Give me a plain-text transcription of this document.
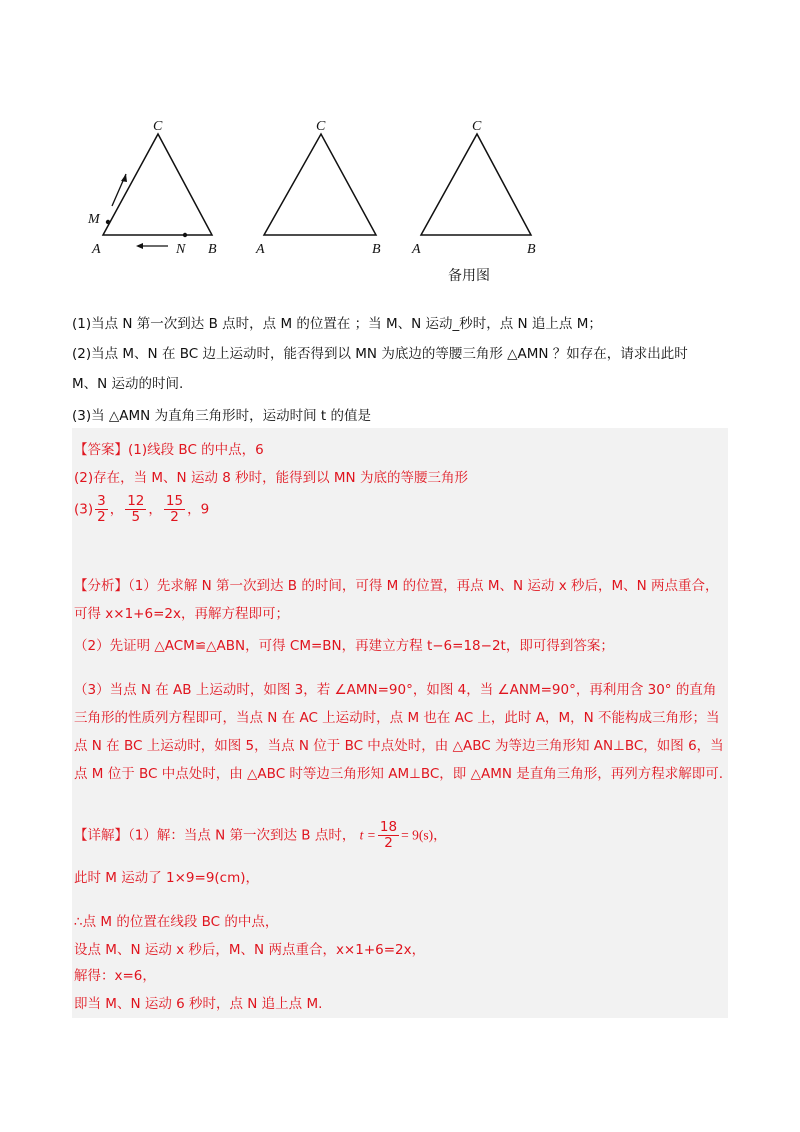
C
A	B
M
N
C
A	B
C
A	B
备用图
(1)当点 N 第一次到达 B 点时，点 M 的位置在 ；当 M、N 运动_秒时，点 N 追上点 M；
(2)当点 M、N 在 BC 边上运动时，能否得到以 MN 为底边的等腰三角形 △AMN ？如存在，请求出此时
M、N 运动的时间.
(3)当 △AMN 为直角三角形时，运动时间 t 的值是
【答案】(1)线段 BC 的中点，6
(2)存在，当 M、N 运动 8 秒时，能得到以 MN 为底的等腰三角形
$(3) \frac{3}{2}$ ， $\frac{12}{5}$ ， $\frac{15}{2}$ ，9
【分析】（1）先求解 N 第一次到达 B 的时间，可得 M 的位置，再点 M、N 运动 x 秒后，M、N 两点重合，可得 x×1+6=2x，再解方程即可；
（2）先证明 △ACM≌△ABN，可得 CM=BN，再建立方程 t−6=18−2t，即可得到答案；
（3）当点 N 在 AB 上运动时，如图 3，若 ∠AMN=90°，如图 4，当 ∠ANM=90°，再利用含 30° 的直角三角形的性质列方程即可，当点 N 在 AC 上运动时，点 M 也在 AC 上，此时 A，M，N 不能构成三角形；当点 N 在 BC 上运动时，如图 5，当点 N 位于 BC 中点处时，由 △ABC 为等边三角形知 AN⊥BC，如图 6，当点 M 位于 BC 中点处时，由 △ABC 时等边三角形知 AM⊥BC，即 △AMN 是直角三角形，再列方程求解即可.
【详解】（1）解：当点 N 第一次到达 B 点时， $t = \frac{18}{2} = 9(s)$，
此时 M 运动了 1×9=9(cm)，
∴点 M 的位置在线段 BC 的中点，
设点 M、N 运动 x 秒后，M、N 两点重合，x×1+6=2x，
解得：x=6，
即当 M、N 运动 6 秒时，点 N 追上点 M.
